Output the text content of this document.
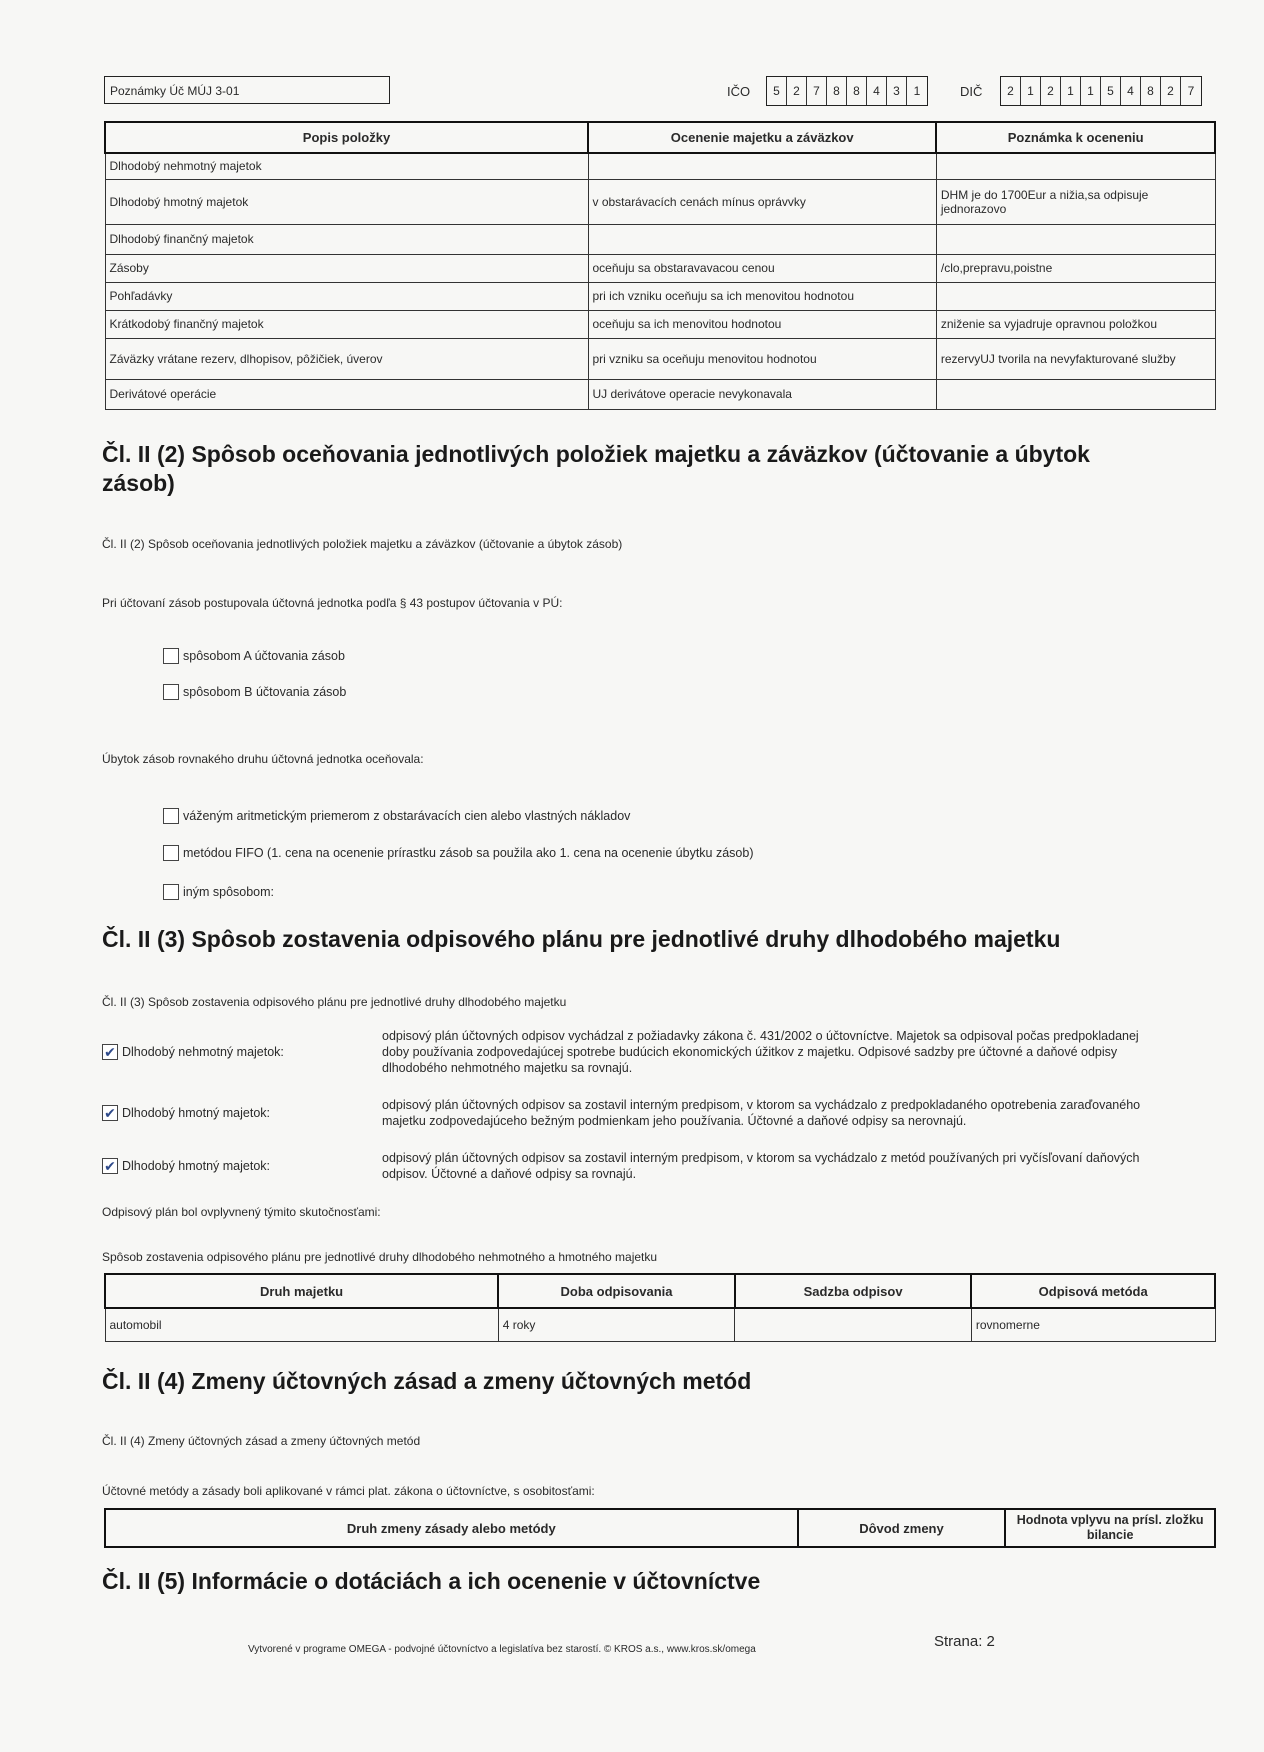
Poznámky Úč MÚJ 3-01	IČO	5	2	7	8	8	4	3	1	DIČ	2	1	2	1	1	5	4	8	2	7
Popis položky	Ocenenie majetku a záväzkov	Poznámka k oceneniu
Dlhodobý nehmotný majetok		
Dlhodobý hmotný majetok	v obstarávacích cenách mínus oprávvky	DHM je do 1700Eur a nižia,sa odpisuje jednorazovo
Dlhodobý finančný majetok		
Zásoby	oceňuju sa obstaravavacou cenou	/clo,prepravu,poistne
Pohľadávky	pri ich vzniku oceňuju sa ich menovitou hodnotou	
Krátkodobý finančný majetok	oceňuju sa ich menovitou hodnotou	zniženie sa vyjadruje opravnou položkou
Záväzky vrátane rezerv, dlhopisov, pôžičiek, úverov	pri vzniku sa oceňuju menovitou hodnotou	rezervyUJ tvorila na nevyfakturované služby
Derivátové operácie	UJ derivátove operacie nevykonavala	
Čl. II (2) Spôsob oceňovania jednotlivých položiek majetku a záväzkov (účtovanie a úbytok
zásob)
Čl. II (2) Spôsob oceňovania jednotlivých položiek majetku a záväzkov (účtovanie a úbytok zásob)
Pri účtovaní zásob postupovala účtovná jednotka podľa § 43 postupov účtovania v PÚ:
spôsobom A účtovania zásob
spôsobom B účtovania zásob
Úbytok zásob rovnakého druhu účtovná jednotka oceňovala:
váženým aritmetickým priemerom z obstarávacích cien alebo vlastných nákladov
metódou FIFO (1. cena na ocenenie prírastku zásob sa použila ako 1. cena na ocenenie úbytku zásob)
iným spôsobom:
Čl. II (3) Spôsob zostavenia odpisového plánu pre jednotlivé druhy dlhodobého majetku
Čl. II (3) Spôsob zostavenia odpisového plánu pre jednotlivé druhy dlhodobého majetku
✔ Dlhodobý nehmotný majetok:
odpisový plán účtovných odpisov vychádzal z požiadavky zákona č. 431/2002 o účtovníctve. Majetok sa odpisoval počas predpokladanej doby používania zodpovedajúcej spotrebe budúcich ekonomických úžitkov z majetku. Odpisové sadzby pre účtovné a daňové odpisy dlhodobého nehmotného majetku sa rovnajú.
✔ Dlhodobý hmotný majetok:
odpisový plán účtovných odpisov sa zostavil interným predpisom, v ktorom sa vychádzalo z predpokladaného opotrebenia zaraďovaného majetku zodpovedajúceho bežným podmienkam jeho používania. Účtovné a daňové odpisy sa nerovnajú.
✔ Dlhodobý hmotný majetok:
odpisový plán účtovných odpisov sa zostavil interným predpisom, v ktorom sa vychádzalo z metód používaných pri vyčísľovaní daňových odpisov. Účtovné a daňové odpisy sa rovnajú.
Odpisový plán bol ovplyvnený týmito skutočnosťami:
Spôsob zostavenia odpisového plánu pre jednotlivé druhy dlhodobého nehmotného a hmotného majetku
Druh majetku	Doba odpisovania	Sadzba odpisov	Odpisová metóda
automobil	4 roky		rovnomerne
Čl. II (4) Zmeny účtovných zásad a zmeny účtovných metód
Čl. II (4) Zmeny účtovných zásad a zmeny účtovných metód
Účtovné metódy a zásady boli aplikované v rámci plat. zákona o účtovníctve, s osobitosťami:
Druh zmeny zásady alebo metódy	Dôvod zmeny	Hodnota vplyvu na prísl. zložku bilancie
Čl. II (5) Informácie o dotáciách a ich ocenenie v účtovníctve
Vytvorené v programe OMEGA - podvojné účtovníctvo a legislatíva bez starostí. © KROS a.s., www.kros.sk/omega	Strana: 2
